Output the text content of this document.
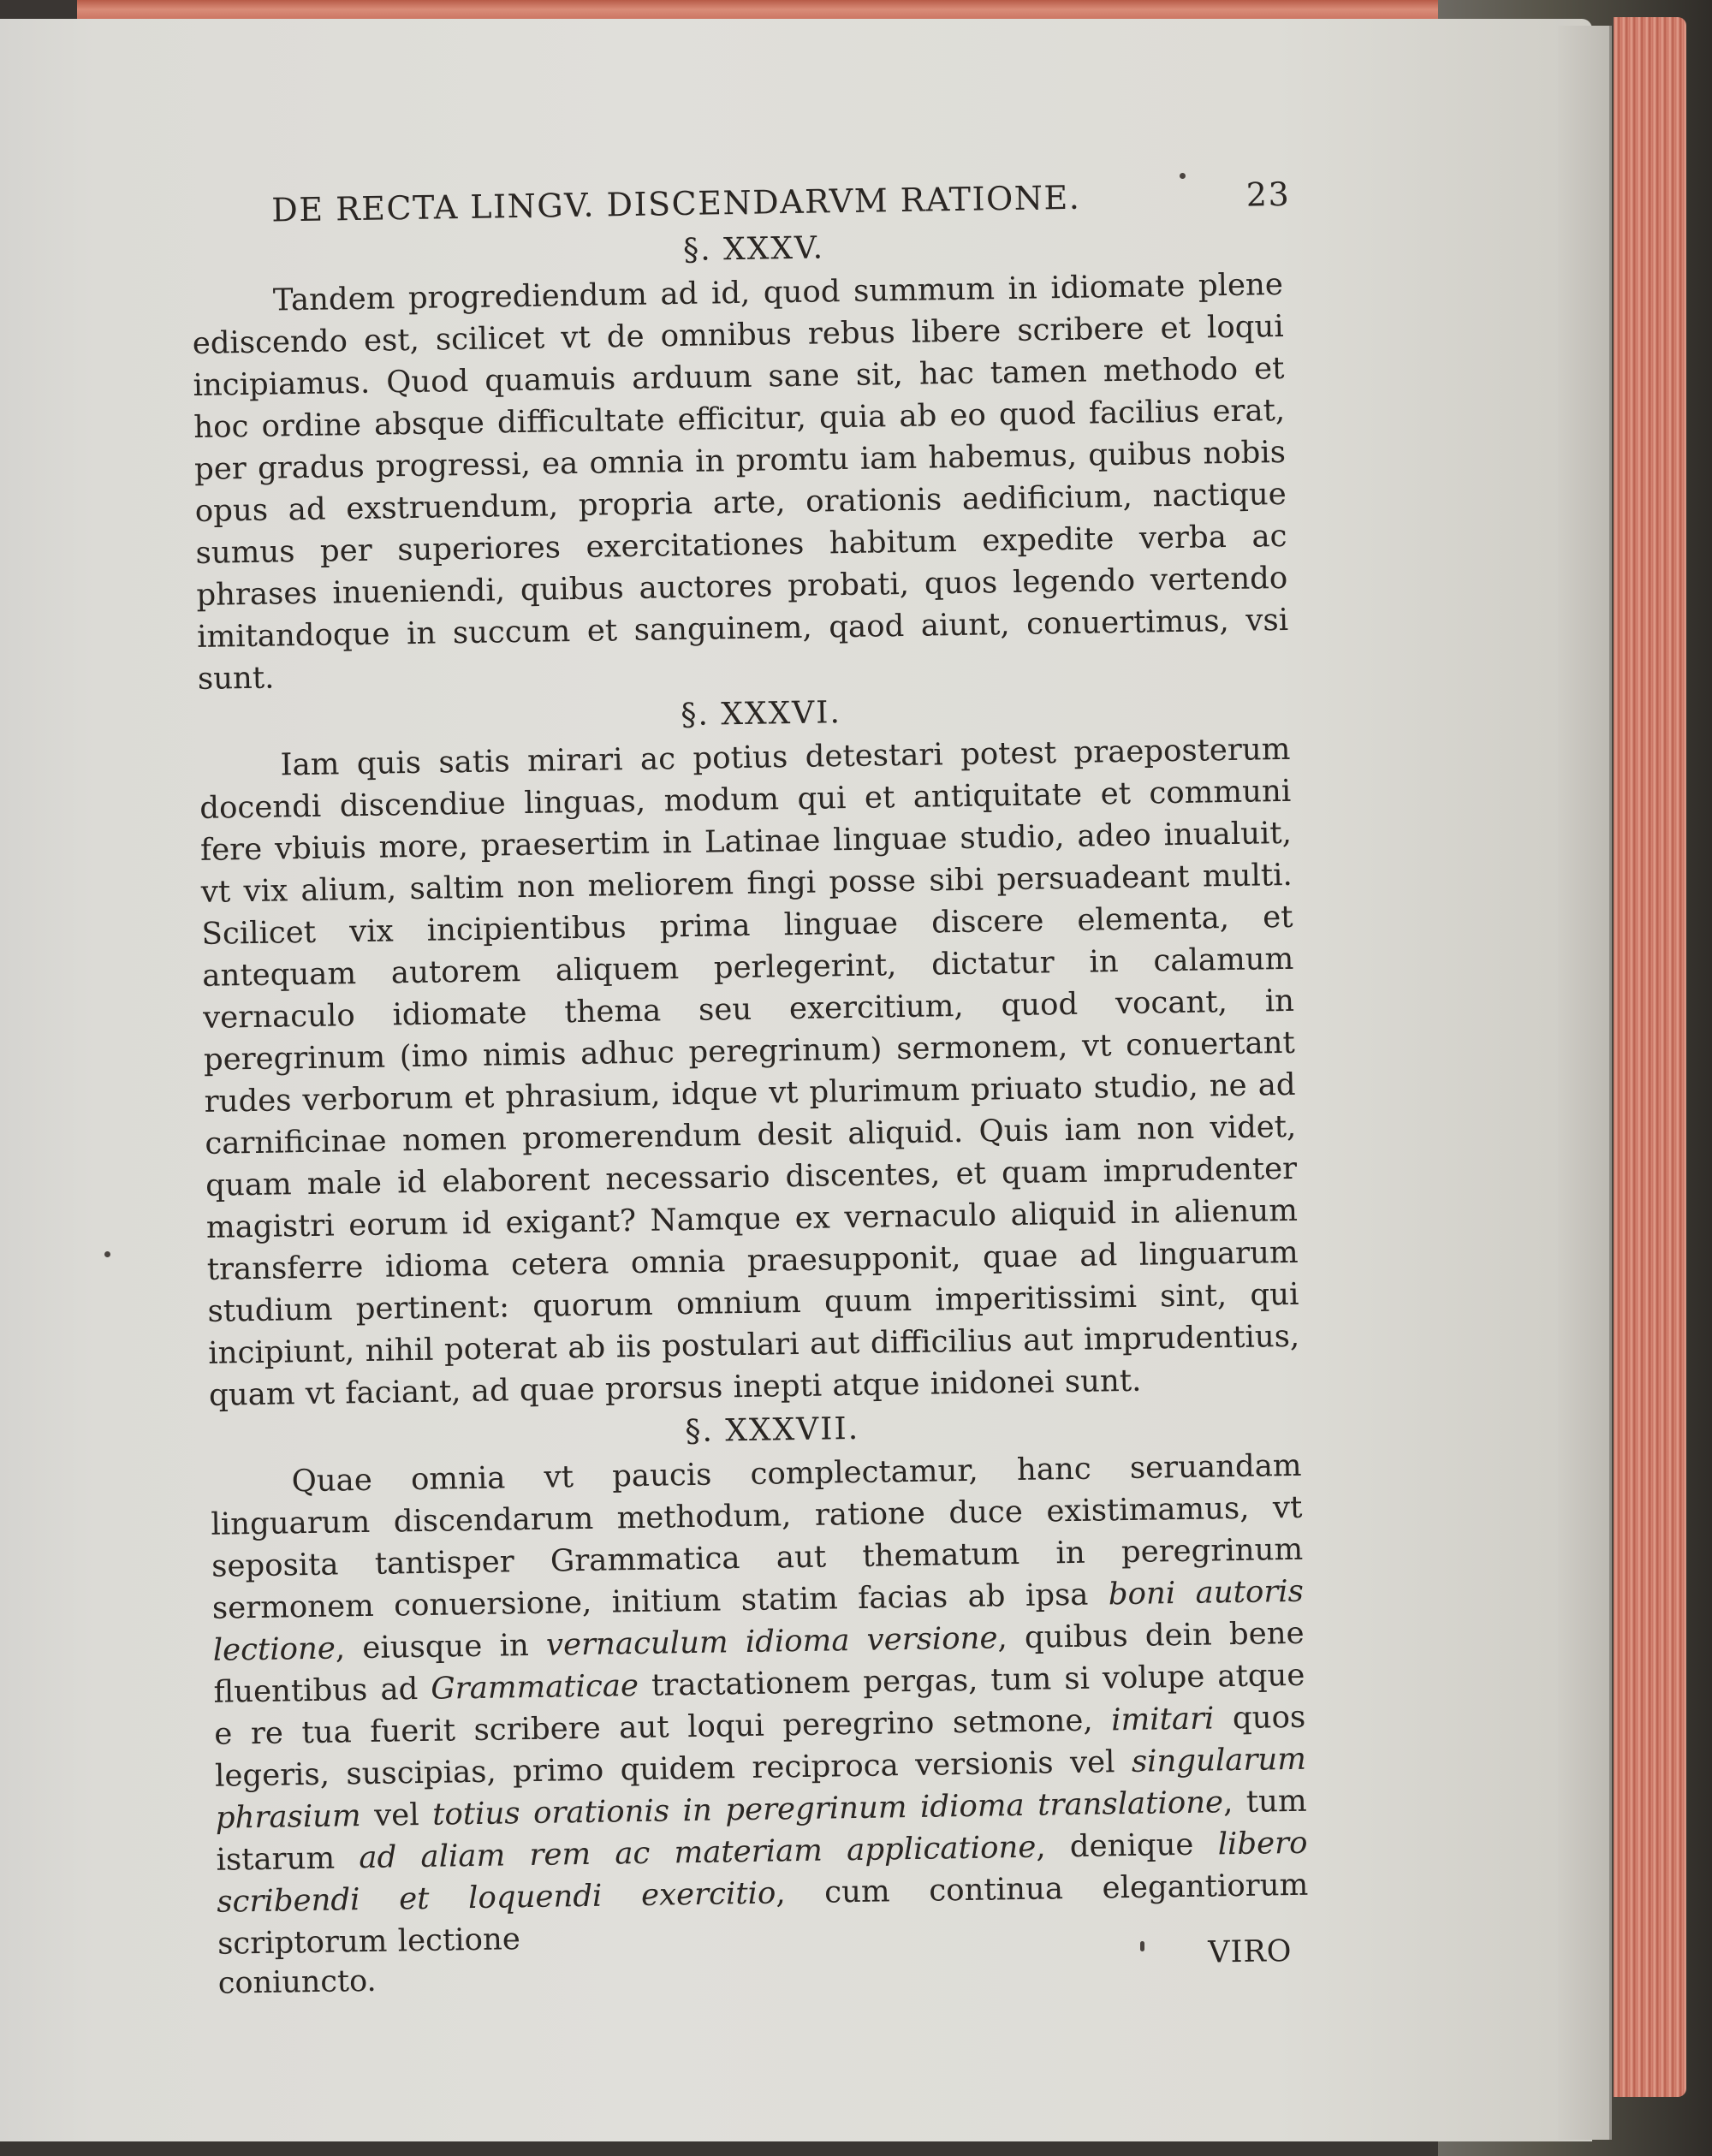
DE RECTA LINGV. DISCENDARVM RATIONE.	23
§. XXXV.

Tandem progrediendum ad id, quod summum in idiomate plene ediscendo est, scilicet vt de omnibus rebus libere scribere et loqui incipiamus. Quod quamuis arduum sane sit, hac tamen methodo et hoc ordine absque difficultate efficitur, quia ab eo quod facilius erat, per gradus progressi, ea omnia in promtu iam habemus, quibus nobis opus ad exstruendum, propria arte, orationis aedificium, nactique sumus per superiores exercitationes habitum expedite verba ac phrases inueniendi, quibus auctores probati, quos legendo vertendo imitandoque in succum et sanguinem, qaod aiunt, conuertimus, vsi sunt.

§. XXXVI.

Iam quis satis mirari ac potius detestari potest praeposterum docendi discendiue linguas, modum qui et antiquitate et communi fere vbiuis more, praesertim in Latinae linguae studio, adeo inualuit, vt vix alium, saltim non meliorem fingi posse sibi persuadeant multi. Scilicet vix incipientibus prima linguae discere elementa, et antequam autorem aliquem perlegerint, dictatur in calamum vernaculo idiomate thema seu exercitium, quod vocant, in peregrinum (imo nimis adhuc peregrinum) sermonem, vt conuertant rudes verborum et phrasium, idque vt plurimum priuato studio, ne ad carnificinae nomen promerendum desit aliquid. Quis iam non videt, quam male id elaborent necessario discentes, et quam imprudenter magistri eorum id exigant? Namque ex vernaculo aliquid in alienum transferre idioma cetera omnia praesupponit, quae ad linguarum studium pertinent: quorum omnium quum imperitissimi sint, qui incipiunt, nihil poterat ab iis postulari aut difficilius aut imprudentius, quam vt faciant, ad quae prorsus inepti atque inidonei sunt.

§. XXXVII.

Quae omnia vt paucis complectamur, hanc seruandam linguarum discendarum methodum, ratione duce existimamus, vt seposita tantisper Grammatica aut thematum in peregrinum sermonem conuersione, initium statim facias ab ipsa boni autoris lectione, eiusque in vernaculum idioma versione, quibus dein bene fluentibus ad Grammaticae tractationem pergas, tum si volupe atque e re tua fuerit scribere aut loqui peregrino setmone, imitari quos legeris, suscipias, primo quidem reciproca versionis vel singularum phrasium vel totius orationis in peregrinum idioma translatione, tum istarum ad aliam rem ac materiam applicatione, denique libero scribendi et loquendi exercitio, cum continua elegantiorum scriptorum lectione

coniuncto.
VIRO
